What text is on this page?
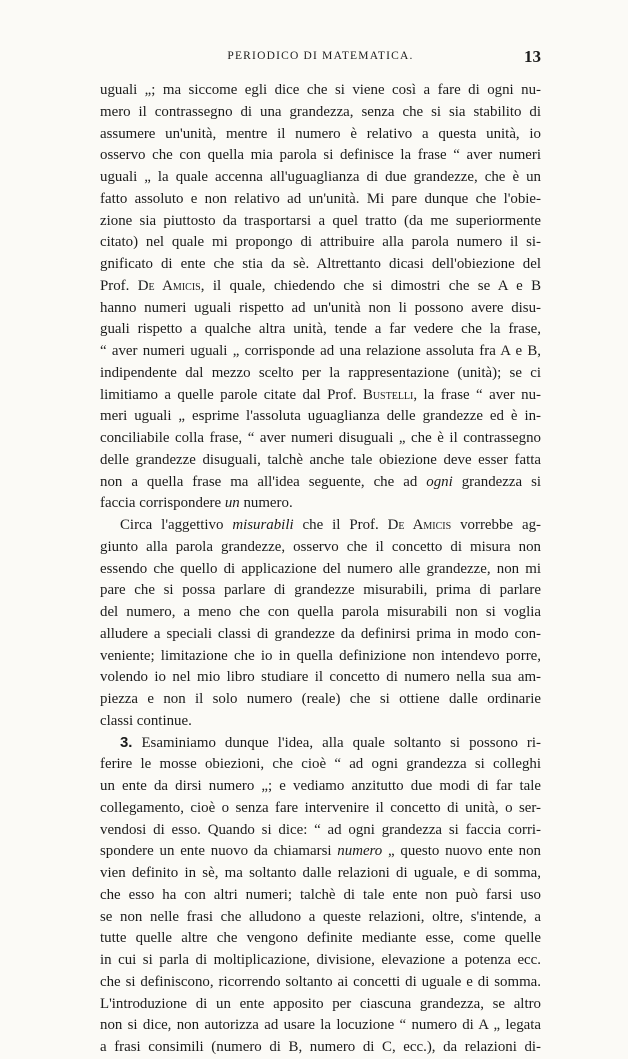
PERIODICO DI MATEMATICA.	13
uguali „; ma siccome egli dice che si viene così a fare di ogni nu-
mero il contrassegno di una grandezza, senza che si sia stabilito di
assumere un'unità, mentre il numero è relativo a questa unità, io
osservo che con quella mia parola si definisce la frase “ aver numeri
uguali „ la quale accenna all'uguaglianza di due grandezze, che è un
fatto assoluto e non relativo ad un'unità. Mi pare dunque che l'obie-
zione sia piuttosto da trasportarsi a quel tratto (da me superiormente
citato) nel quale mi propongo di attribuire alla parola numero il si-
gnificato di ente che stia da sè. Altrettanto dicasi dell'obiezione del
Prof. De Amicis, il quale, chiedendo che si dimostri che se A e B
hanno numeri uguali rispetto ad un'unità non li possono avere disu-
guali rispetto a qualche altra unità, tende a far vedere che la frase,
“ aver numeri uguali „ corrisponde ad una relazione assoluta fra A e B,
indipendente dal mezzo scelto per la rappresentazione (unità); se ci
limitiamo a quelle parole citate dal Prof. Bustelli, la frase “ aver nu-
meri uguali „ esprime l'assoluta uguaglianza delle grandezze ed è in-
conciliabile colla frase, “ aver numeri disuguali „ che è il contrassegno
delle grandezze disuguali, talchè anche tale obiezione deve esser fatta
non a quella frase ma all'idea seguente, che ad ogni grandezza si
faccia corrispondere un numero.
Circa l'aggettivo misurabili che il Prof. De Amicis vorrebbe ag-
giunto alla parola grandezze, osservo che il concetto di misura non
essendo che quello di applicazione del numero alle grandezze, non mi
pare che si possa parlare di grandezze misurabili, prima di parlare
del numero, a meno che con quella parola misurabili non si voglia
alludere a speciali classi di grandezze da definirsi prima in modo con-
veniente; limitazione che io in quella definizione non intendevo porre,
volendo io nel mio libro studiare il concetto di numero nella sua am-
piezza e non il solo numero (reale) che si ottiene dalle ordinarie
classi continue.
3. Esaminiamo dunque l'idea, alla quale soltanto si possono ri-
ferire le mosse obiezioni, che cioè “ ad ogni grandezza si colleghi
un ente da dirsi numero „; e vediamo anzitutto due modi di far tale
collegamento, cioè o senza fare intervenire il concetto di unità, o ser-
vendosi di esso. Quando si dice: “ ad ogni grandezza si faccia corri-
spondere un ente nuovo da chiamarsi numero „ questo nuovo ente non
vien definito in sè, ma soltanto dalle relazioni di uguale, e di somma,
che esso ha con altri numeri; talchè di tale ente non può farsi uso
se non nelle frasi che alludono a queste relazioni, oltre, s'intende, a
tutte quelle altre che vengono definite mediante esse, come quelle
in cui si parla di moltiplicazione, divisione, elevazione a potenza ecc.
che si definiscono, ricorrendo soltanto ai concetti di uguale e di somma.
L'introduzione di un ente apposito per ciascuna grandezza, se altro
non si dice, non autorizza ad usare la locuzione “ numero di A „ legata
a frasi consimili (numero di B, numero di C, ecc.), da relazioni di-
